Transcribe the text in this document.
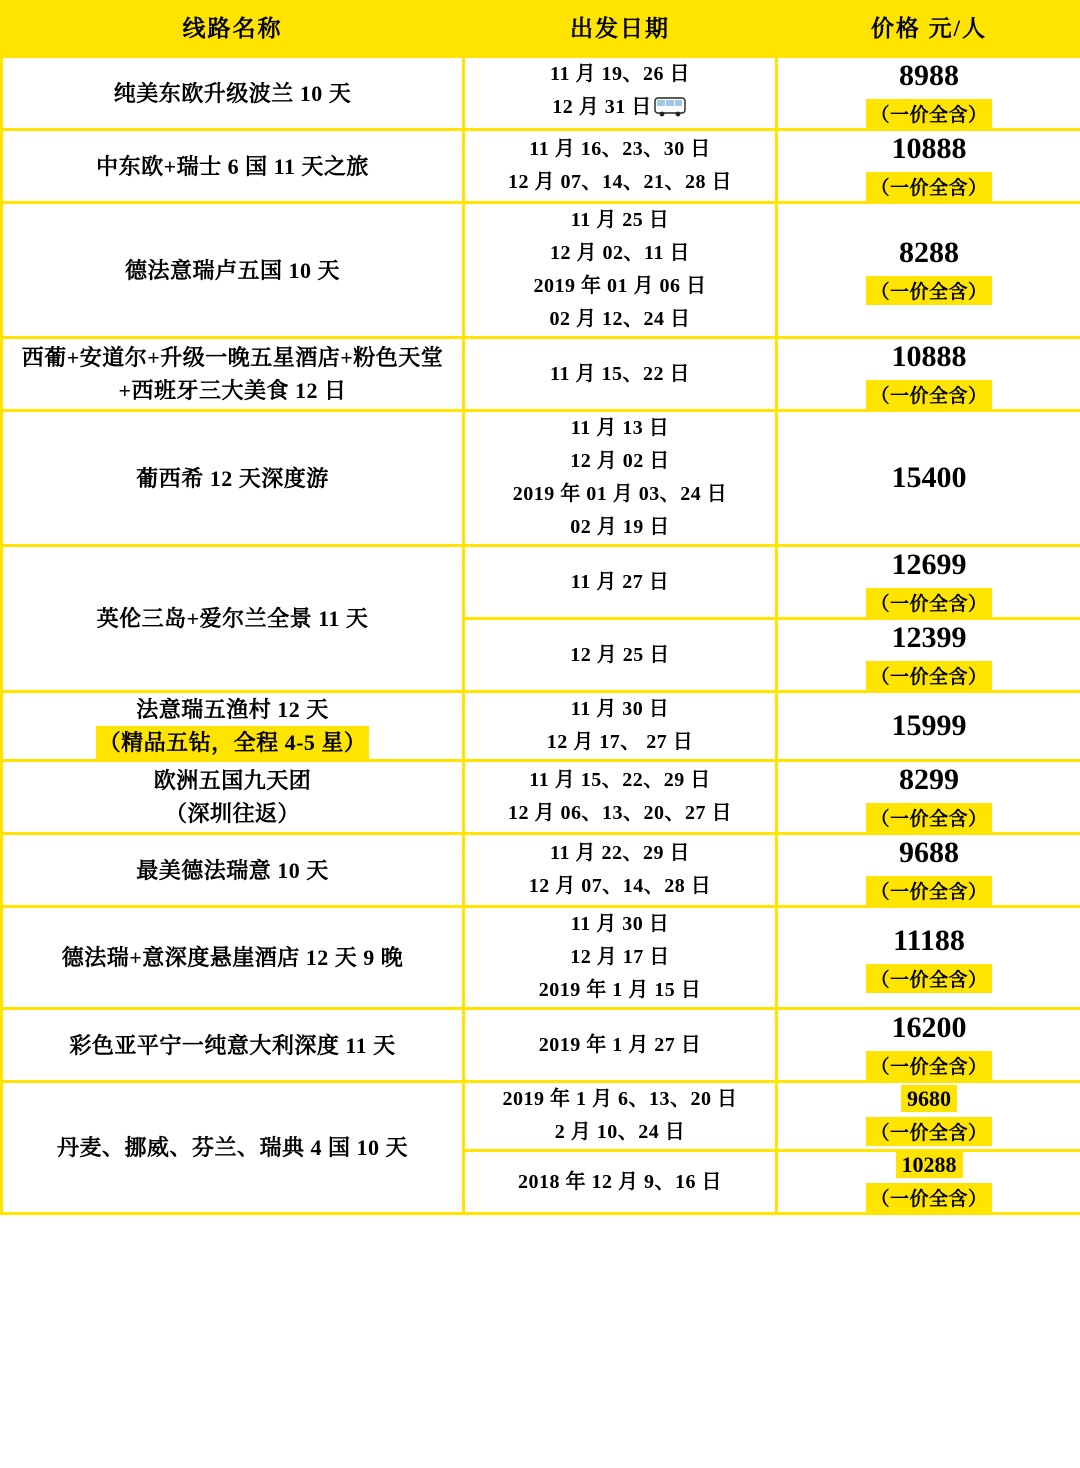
线路名称	出发日期	价格 元/人

纯美东欧升级波兰 10 天	11 月 19、26 日
12 月 31 日	8988
（一价全含）

中东欧+瑞士 6 国 11 天之旅	11 月 16、23、30 日
12 月 07、14、21、28 日	10888
（一价全含）

德法意瑞卢五国 10 天	11 月 25 日
12 月 02、11 日
2019 年 01 月 06 日
02 月 12、24 日	8288
（一价全含）

西葡+安道尔+升级一晚五星酒店+粉色天堂
+西班牙三大美食 12 日	11 月 15、22 日	10888
（一价全含）

葡西希 12 天深度游	11 月 13 日
12 月 02 日
2019 年 01 月 03、24 日
02 月 19 日	15400

英伦三岛+爱尔兰全景 11 天	11 月 27 日	12699
（一价全含）

	12 月 25 日	12399
（一价全含）

法意瑞五渔村 12 天
（精品五钻，全程 4-5 星）	11 月 30 日
12 月 17、 27 日	15999

欧洲五国九天团
（深圳往返）	11 月 15、22、29 日
12 月 06、13、20、27 日	8299
（一价全含）

最美德法瑞意 10 天	11 月 22、29 日
12 月 07、14、28 日	9688
（一价全含）

德法瑞+意深度悬崖酒店 12 天 9 晚	11 月 30 日
12 月 17 日
2019 年 1 月 15 日	11188
（一价全含）

彩色亚平宁一纯意大利深度 11 天	2019 年 1 月 27 日	16200
（一价全含）

丹麦、挪威、芬兰、瑞典 4 国 10 天	2019 年 1 月 6、13、20 日
2 月 10、24 日	9680
（一价全含）

	2018 年 12 月 9、16 日	10288
（一价全含）
